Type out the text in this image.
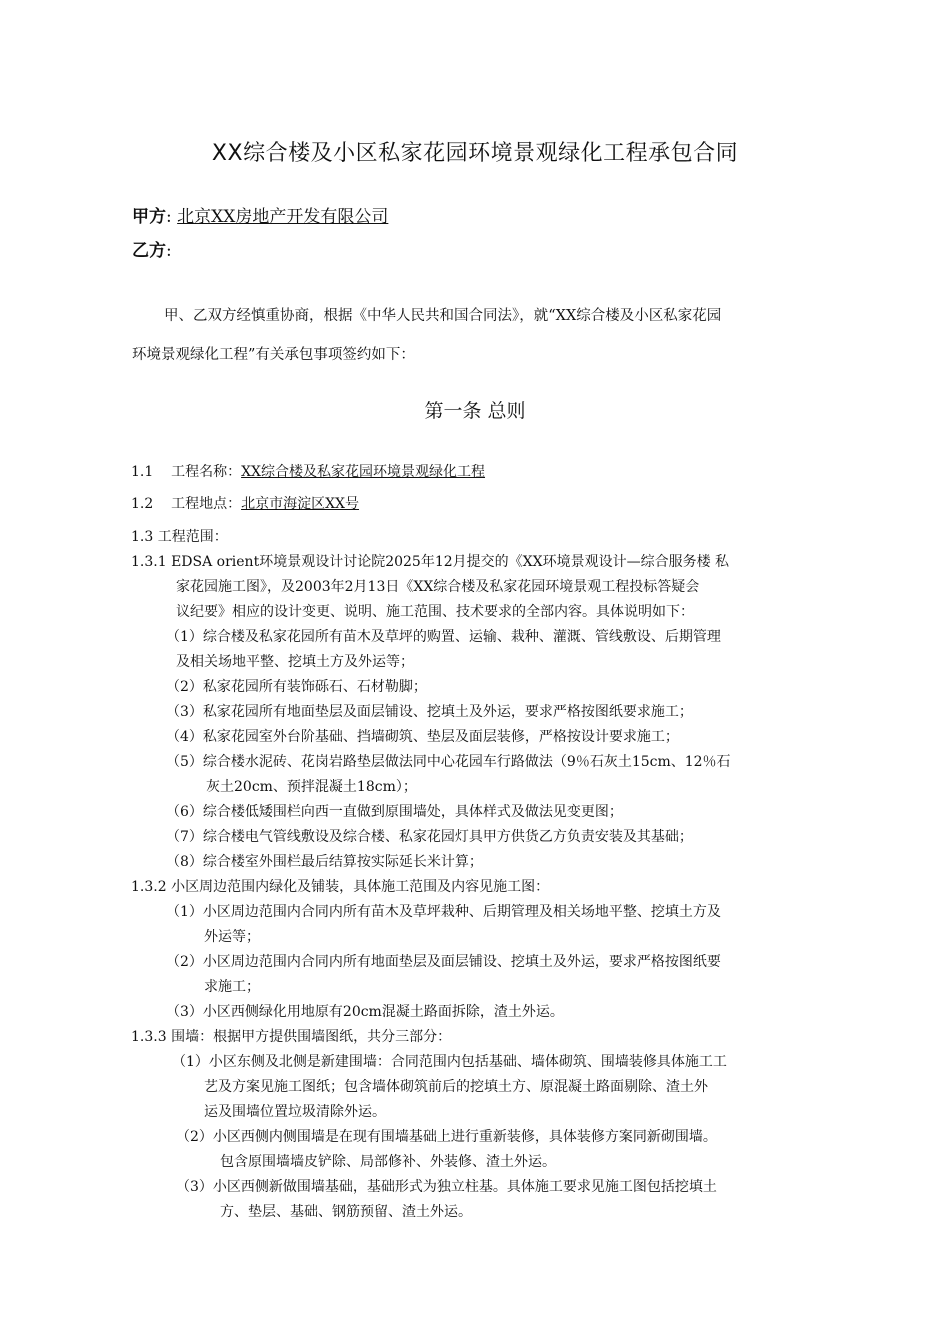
XX综合楼及小区私家花园环境景观绿化工程承包合同
甲方: 北京XX房地产开发有限公司
乙方:
甲、乙双方经慎重协商，根据《中华人民共和国合同法》，就“XX综合楼及小区私家花园
环境景观绿化工程”有关承包事项签约如下：
第一条 总则
1.1 工程名称：XX综合楼及私家花园环境景观绿化工程
1.2 工程地点：北京市海淀区XX号
1.3 工程范围：
1.3.1 EDSA orient环境景观设计讨论院2025年12月提交的《XX环境景观设计—综合服务楼 私
家花园施工图》，及2003年2月13日《XX综合楼及私家花园环境景观工程投标答疑会
议纪要》相应的设计变更、说明、施工范围、技术要求的全部内容。具体说明如下：
（1）综合楼及私家花园所有苗木及草坪的购置、运输、栽种、灌溉、管线敷设、后期管理
及相关场地平整、挖填土方及外运等；
（2）私家花园所有装饰砾石、石材勒脚；
（3）私家花园所有地面垫层及面层铺设、挖填土及外运，要求严格按图纸要求施工；
（4）私家花园室外台阶基础、挡墙砌筑、垫层及面层装修，严格按设计要求施工；
（5）综合楼水泥砖、花岗岩路垫层做法同中心花园车行路做法（9％石灰土15cm、12％石
灰土20cm、预拌混凝土18cm）；
（6）综合楼低矮围栏向西一直做到原围墙处，具体样式及做法见变更图；
（7）综合楼电气管线敷设及综合楼、私家花园灯具甲方供货乙方负责安装及其基础；
（8）综合楼室外围栏最后结算按实际延长米计算；
1.3.2 小区周边范围内绿化及铺装，具体施工范围及内容见施工图：
（1）小区周边范围内合同内所有苗木及草坪栽种、后期管理及相关场地平整、挖填土方及
外运等；
（2）小区周边范围内合同内所有地面垫层及面层铺设、挖填土及外运，要求严格按图纸要
求施工；
（3）小区西侧绿化用地原有20cm混凝土路面拆除，渣土外运。
1.3.3 围墙：根据甲方提供围墙图纸，共分三部分：
（1）小区东侧及北侧是新建围墙：合同范围内包括基础、墙体砌筑、围墙装修具体施工工
艺及方案见施工图纸；包含墙体砌筑前后的挖填土方、原混凝土路面剔除、渣土外
运及围墙位置垃圾清除外运。
（2）小区西侧内侧围墙是在现有围墙基础上进行重新装修，具体装修方案同新砌围墙。
包含原围墙墙皮铲除、局部修补、外装修、渣土外运。
（3）小区西侧新做围墙基础，基础形式为独立柱基。具体施工要求见施工图包括挖填土
方、垫层、基础、钢筋预留、渣土外运。
